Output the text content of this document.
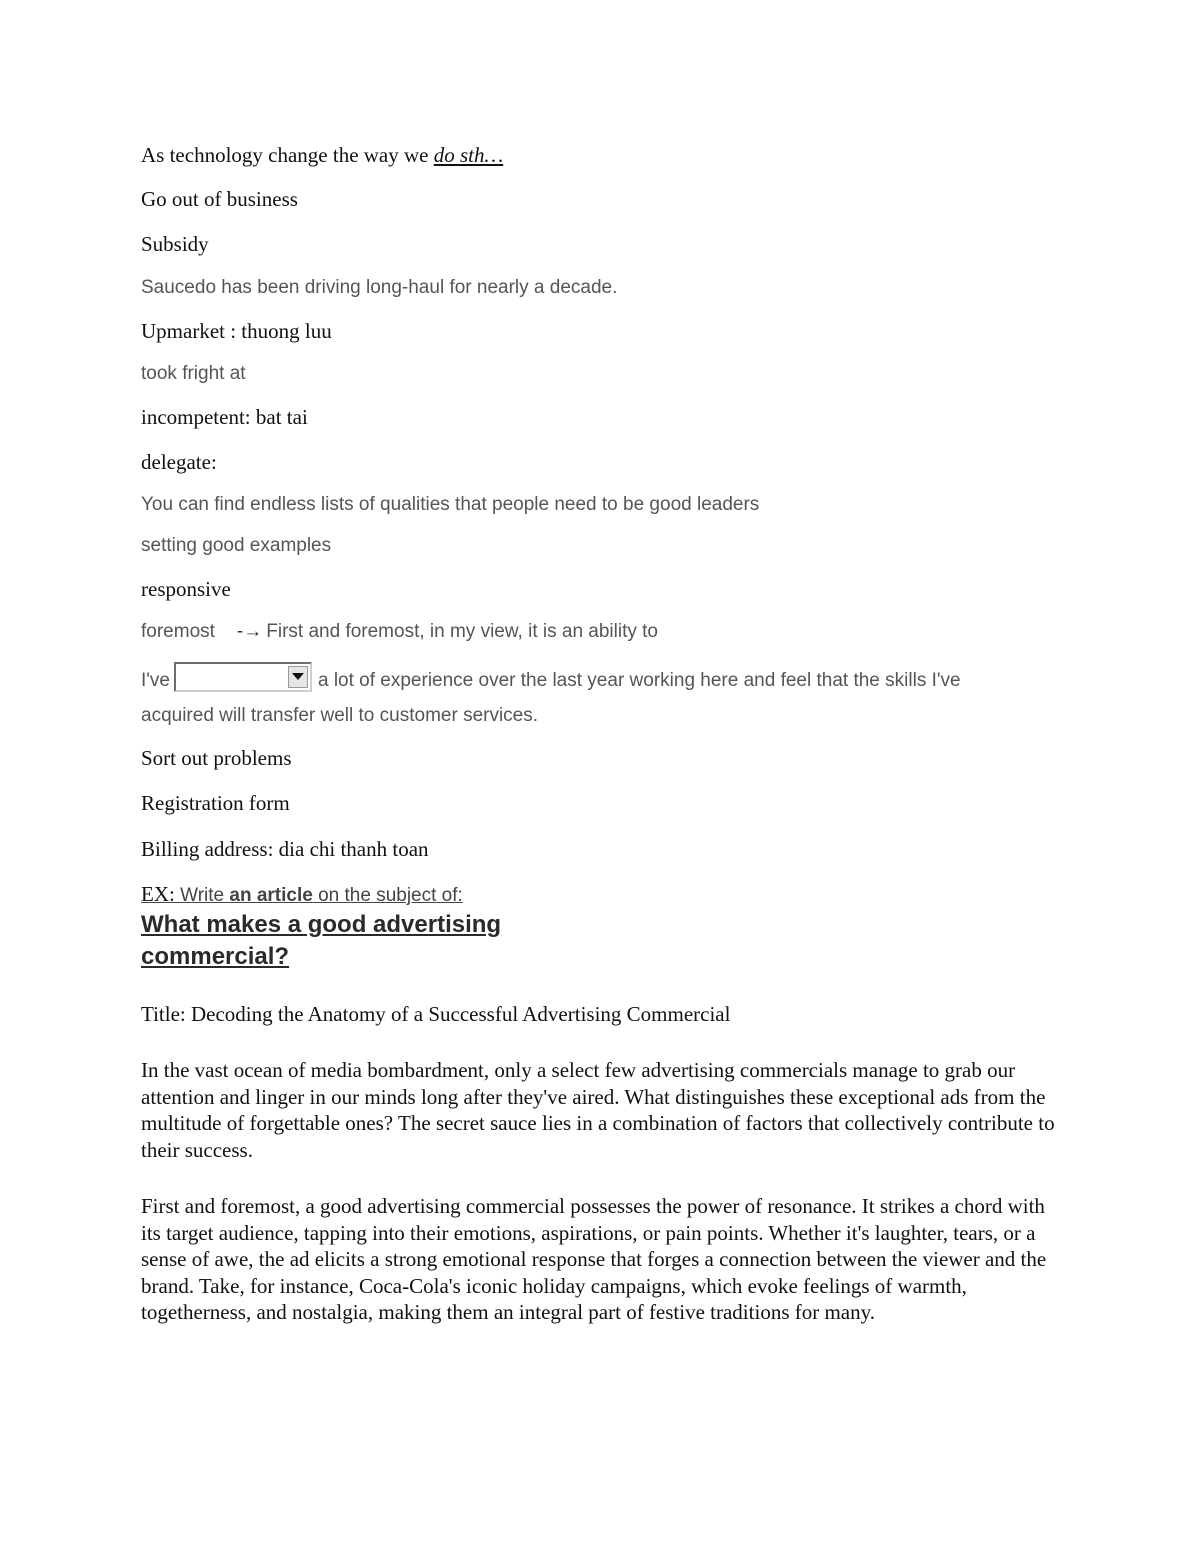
As technology change the way we do sth…
Go out of business
Subsidy
Saucedo has been driving long-haul for nearly a decade.
Upmarket : thuong luu
took fright at
incompetent: bat tai
delegate:
You can find endless lists of qualities that people need to be good leaders
setting good examples
responsive
foremost -→ First and foremost, in my view, it is an ability to
I've	a lot of experience over the last year working here and feel that the skills I've
acquired will transfer well to customer services.
Sort out problems
Registration form
Billing address: dia chi thanh toan
EX: Write an article on the subject of:
What makes a good advertising
commercial?
Title: Decoding the Anatomy of a Successful Advertising Commercial
In the vast ocean of media bombardment, only a select few advertising commercials manage to grab our attention and linger in our minds long after they've aired. What distinguishes these exceptional ads from the multitude of forgettable ones? The secret sauce lies in a combination of factors that collectively contribute to their success.
First and foremost, a good advertising commercial possesses the power of resonance. It strikes a chord with its target audience, tapping into their emotions, aspirations, or pain points. Whether it's laughter, tears, or a sense of awe, the ad elicits a strong emotional response that forges a connection between the viewer and the brand. Take, for instance, Coca-Cola's iconic holiday campaigns, which evoke feelings of warmth, togetherness, and nostalgia, making them an integral part of festive traditions for many.
